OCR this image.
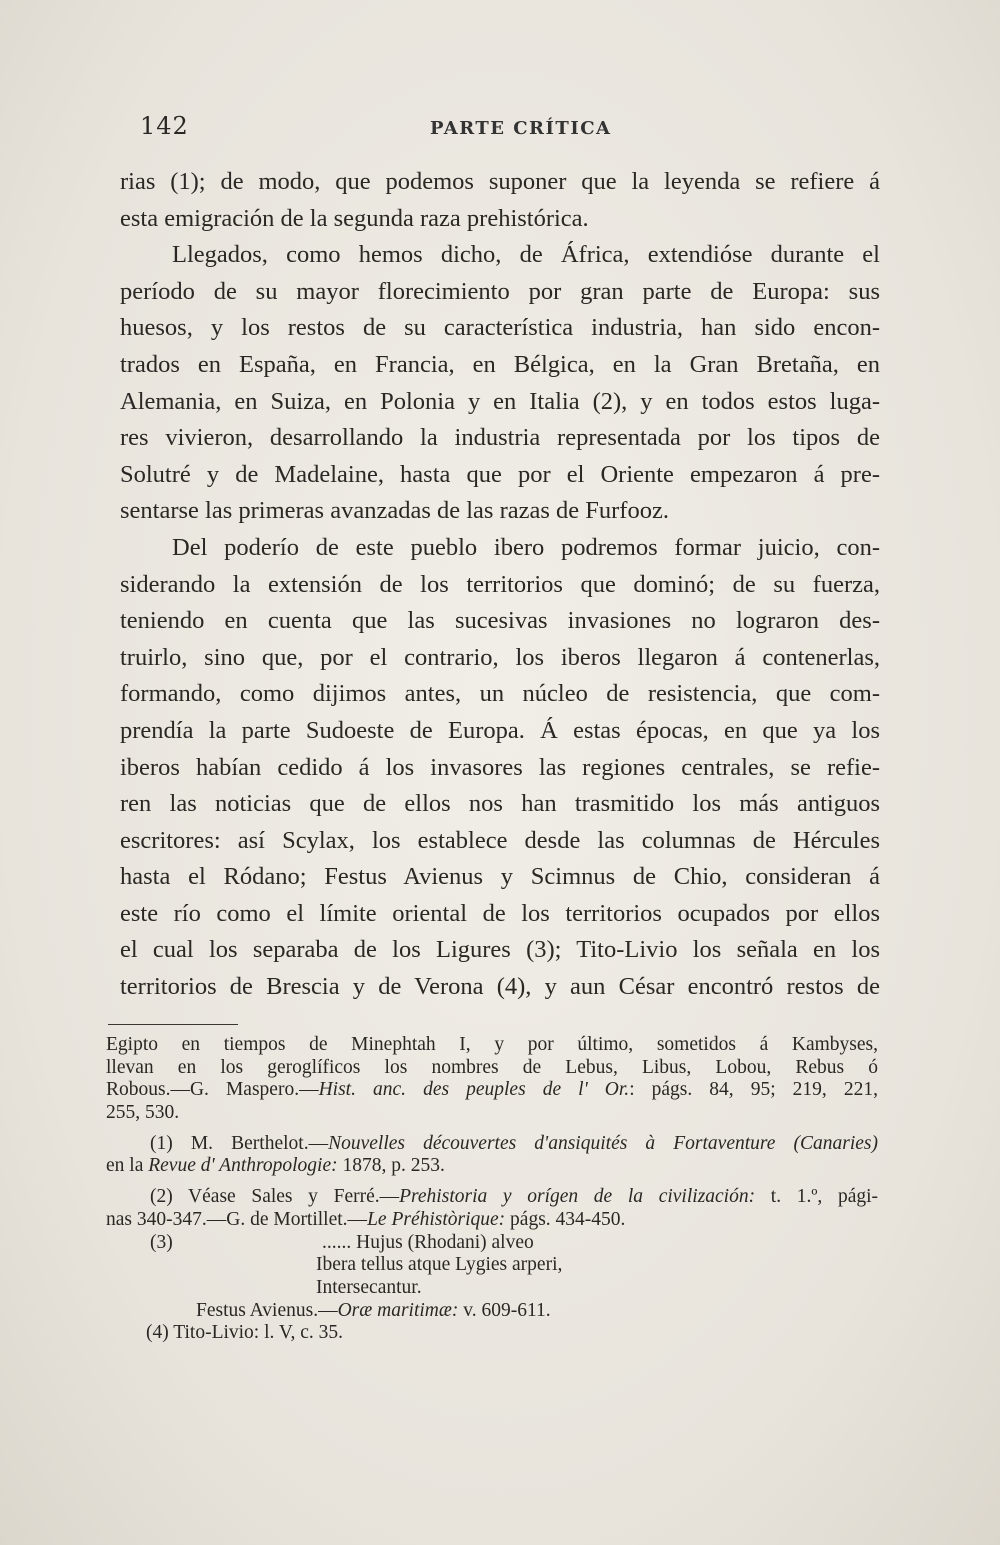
142	PARTE CRÍTICA
rias (1); de modo, que podemos suponer que la leyenda se refiere á
esta emigración de la segunda raza prehistórica.
Llegados, como hemos dicho, de África, extendióse durante el
período de su mayor florecimiento por gran parte de Europa: sus
huesos, y los restos de su característica industria, han sido encon-
trados en España, en Francia, en Bélgica, en la Gran Bretaña, en
Alemania, en Suiza, en Polonia y en Italia (2), y en todos estos luga-
res vivieron, desarrollando la industria representada por los tipos de
Solutré y de Madelaine, hasta que por el Oriente empezaron á pre-
sentarse las primeras avanzadas de las razas de Furfooz.
Del poderío de este pueblo ibero podremos formar juicio, con-
siderando la extensión de los territorios que dominó; de su fuerza,
teniendo en cuenta que las sucesivas invasiones no lograron des-
truirlo, sino que, por el contrario, los iberos llegaron á contenerlas,
formando, como dijimos antes, un núcleo de resistencia, que com-
prendía la parte Sudoeste de Europa. Á estas épocas, en que ya los
iberos habían cedido á los invasores las regiones centrales, se refie-
ren las noticias que de ellos nos han trasmitido los más antiguos
escritores: así Scylax, los establece desde las columnas de Hércules
hasta el Ródano; Festus Avienus y Scimnus de Chio, consideran á
este río como el límite oriental de los territorios ocupados por ellos
el cual los separaba de los Ligures (3); Tito-Livio los señala en los
territorios de Brescia y de Verona (4), y aun César encontró restos de
Egipto en tiempos de Minephtah I, y por último, sometidos á Kambyses,
llevan en los geroglíficos los nombres de Lebus, Libus, Lobou, Rebus ó
Robous.—G. Maspero.—Hist. anc. des peuples de l' Or.: págs. 84, 95; 219, 221,
255, 530.
(1) M. Berthelot.—Nouvelles découvertes d'ansiquités à Fortaventure (Canaries)
en la Revue d' Anthropologie: 1878, p. 253.
(2) Véase Sales y Ferré.—Prehistoria y orígen de la civilización: t. 1.º, pági-
nas 340-347.—G. de Mortillet.—Le Préhistòrique: págs. 434-450.
(3)	...... Hujus (Rhodani) alveo
Ibera tellus atque Lygies arperi,
Intersecantur.
Festus Avienus.—Oræ maritimæ: v. 609-611.
(4) Tito-Livio: l. V, c. 35.
